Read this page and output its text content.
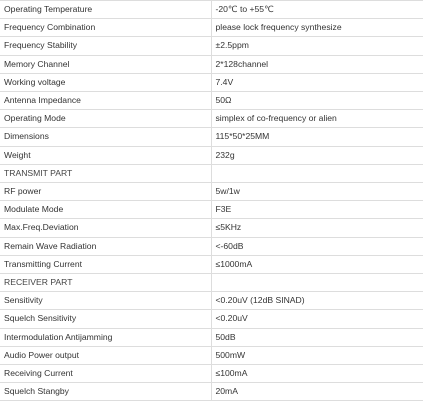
Operating Temperature	-20℃ to +55℃
Frequency Combination	please lock frequency synthesize
Frequency Stability	±2.5ppm
Memory Channel	2*128channel
Working voltage	7.4V
Antenna Impedance	50Ω
Operating Mode	simplex of co-frequency or alien
Dimensions	115*50*25MM
Weight	232g
TRANSMIT PART	
RF power	5w/1w
Modulate Mode	F3E
Max.Freq.Deviation	≤5KHz
Remain Wave Radiation	<-60dB
Transmitting Current	≤1000mA
RECEIVER PART	
Sensitivity	<0.20uV (12dB SINAD)
Squelch Sensitivity	<0.20uV
Intermodulation Antijamming	50dB
Audio Power output	500mW
Receiving Current	≤100mA
Squelch Stangby	20mA
